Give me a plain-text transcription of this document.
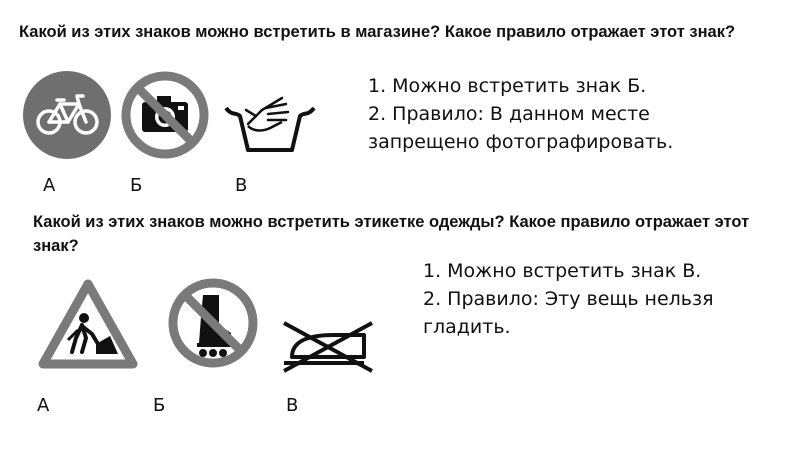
Какой из этих знаков можно встретить в магазине? Какое правило отражает этот знак?
А	Б	В
1. Можно встретить знак Б.
2. Правило: В данном месте
запрещено фотографировать.
Какой из этих знаков можно встретить этикетке одежды? Какое правило отражает этот знак?
А	Б	В
1. Можно встретить знак В.
2. Правило: Эту вещь нельзя
гладить.
